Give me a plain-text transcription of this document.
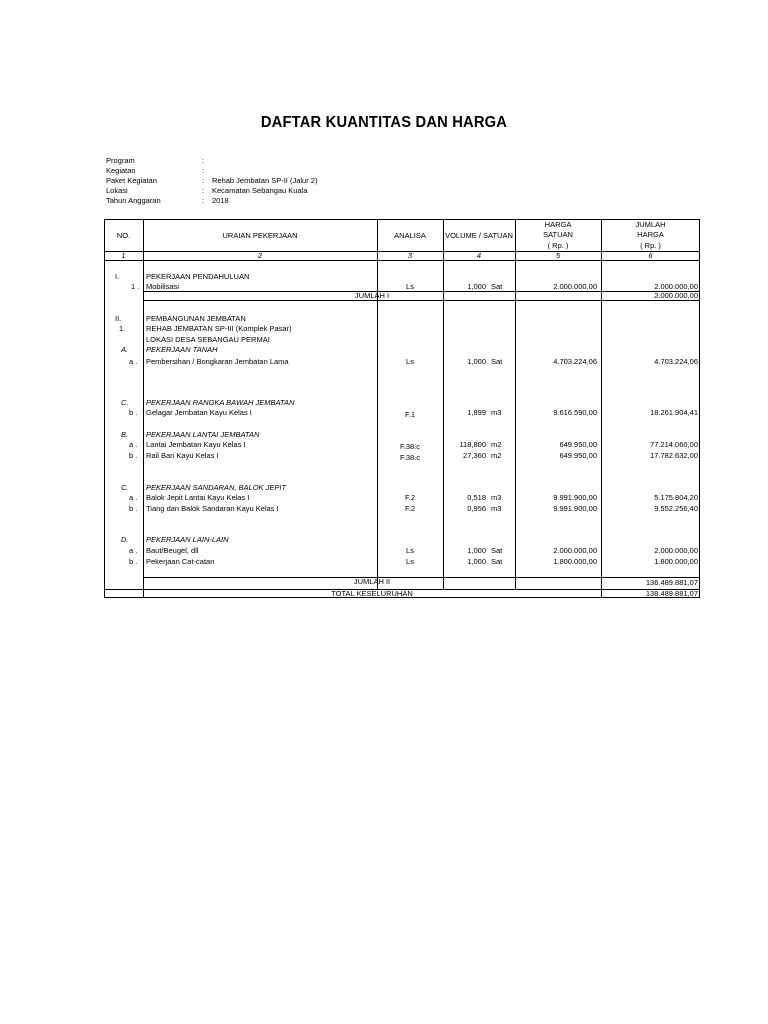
DAFTAR KUANTITAS DAN HARGA
Program	:
Kegiatan	:
Paket Kegiatan	: Rehab Jembatan SP-II (Jalur 2)
Lokasi	: Kecamatan Sebangau Kuala
Tahun Anggaran	: 2018
NO.	URAIAN PEKERJAAN	ANALISA	VOLUME / SATUAN
HARGA
SATUAN
( Rp. )
JUMLAH
HARGA
( Rp. )
1	2	3	4	5	6
I.	PEKERJAAN PENDAHULUAN
1 . Mobilisasi	Ls	1,000 Sat	2.000.000,00	2.000.000,00
JUMLAH I	2.000.000,00
II.	PEMBANGUNAN JEMBATAN
1.	REHAB JEMBATAN SP-III (Komplek Pasar)
LOKASI DESA SEBANGAU PERMAI
A. PEKERJAAN TANAH
a . Pembersihan / Bongkaran Jembatan Lama	Ls	1,000 Sat	4.703.224,06	4.703.224,06
C. PEKERJAAN RANGKA BAWAH JEMBATAN
b . Gelagar Jembatan Kayu Kelas I	F.1	1,899 m3	9.616.590,00	18.261.904,41
B. PEKERJAAN LANTAI JEMBATAN
a . Lantai Jembatan Kayu Kelas I	F.38.c	118,800 m2	649.950,00	77.214.060,00
b . Rail Ban Kayu Kelas I	F.38.c	27,360 m2	649.950,00	17.782.632,00
C. PEKERJAAN SANDARAN, BALOK JEPIT
a . Balok Jepit Lantai Kayu Kelas I	F.2	0,518 m3	9.991.900,00	5.175.804,20
b . Tiang dan Balok Sandaran Kayu Kelas I	F.2	0,956 m3	9.991.900,00	9.552.256,40
D. PEKERJAAN LAIN-LAIN
a . Baut/Beugel, dll	Ls	1,000 Sat	2.000.000,00	2.000.000,00
b . Pekerjaan Cat-catan	Ls	1,000 Sat	1.800.000,00	1.800.000,00
JUMLAH II	136.489.881,07
TOTAL KESELURUHAN	138.489.881,07
